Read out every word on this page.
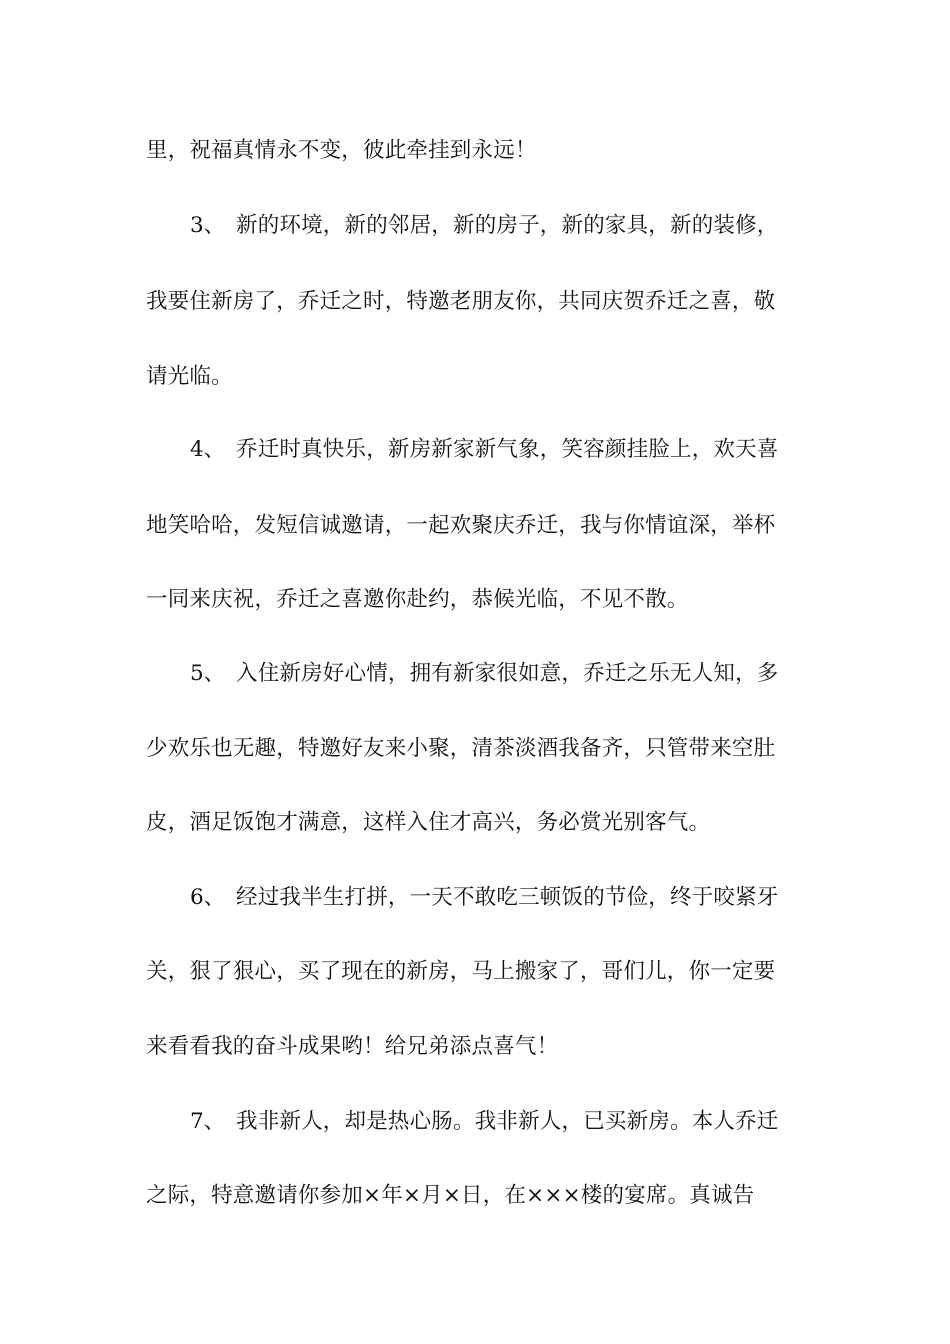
里，祝福真情永不变，彼此牵挂到永远！
3、 新的环境，新的邻居，新的房子，新的家具，新的装修，
我要住新房了，乔迁之时，特邀老朋友你，共同庆贺乔迁之喜，敬
请光临。
4、 乔迁时真快乐，新房新家新气象，笑容颜挂脸上，欢天喜
地笑哈哈，发短信诚邀请，一起欢聚庆乔迁，我与你情谊深，举杯
一同来庆祝，乔迁之喜邀你赴约，恭候光临，不见不散。
5、 入住新房好心情，拥有新家很如意，乔迁之乐无人知，多
少欢乐也无趣，特邀好友来小聚，清茶淡酒我备齐，只管带来空肚
皮，酒足饭饱才满意，这样入住才高兴，务必赏光别客气。
6、 经过我半生打拼，一天不敢吃三顿饭的节俭，终于咬紧牙
关，狠了狠心，买了现在的新房，马上搬家了，哥们儿，你一定要
来看看我的奋斗成果哟！给兄弟添点喜气！
7、 我非新人，却是热心肠。我非新人，已买新房。本人乔迁
之际，特意邀请你参加×年×月×日，在×××楼的宴席。真诚告
